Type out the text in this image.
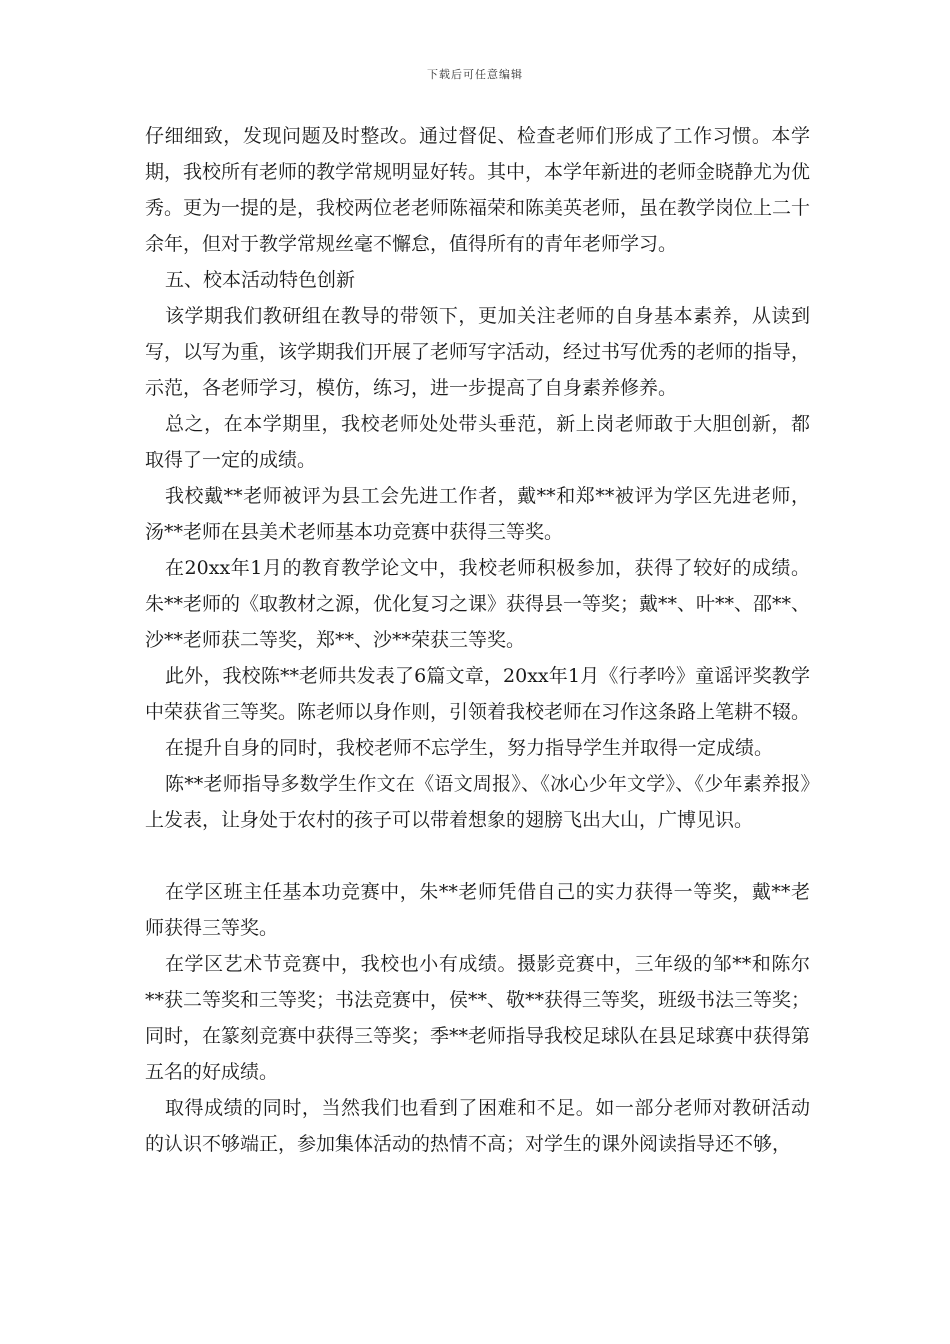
下载后可任意编辑

仔细细致，发现问题及时整改。通过督促、检查老师们形成了工作习惯。本学期，我校所有老师的教学常规明显好转。其中，本学年新进的老师金晓静尤为优秀。更为一提的是，我校两位老老师陈福荣和陈美英老师，虽在教学岗位上二十余年，但对于教学常规丝毫不懈怠，值得所有的青年老师学习。

五、校本活动特色创新

该学期我们教研组在教导的带领下，更加关注老师的自身基本素养，从读到写，以写为重，该学期我们开展了老师写字活动，经过书写优秀的老师的指导，示范，各老师学习，模仿，练习，进一步提高了自身素养修养。

总之，在本学期里，我校老师处处带头垂范，新上岗老师敢于大胆创新，都取得了一定的成绩。

我校戴**老师被评为县工会先进工作者，戴**和郑**被评为学区先进老师，汤**老师在县美术老师基本功竞赛中获得三等奖。

在20xx年1月的教育教学论文中，我校老师积极参加，获得了较好的成绩。朱**老师的《取教材之源，优化复习之课》获得县一等奖；戴**、叶**、邵**、沙**老师获二等奖，郑**、沙**荣获三等奖。

此外，我校陈**老师共发表了6篇文章，20xx年1月《行孝吟》童谣评奖教学中荣获省三等奖。陈老师以身作则，引领着我校老师在习作这条路上笔耕不辍。

在提升自身的同时，我校老师不忘学生，努力指导学生并取得一定成绩。

陈**老师指导多数学生作文在《语文周报》、《冰心少年文学》、《少年素养报》上发表，让身处于农村的孩子可以带着想象的翅膀飞出大山，广博见识。

在学区班主任基本功竞赛中，朱**老师凭借自己的实力获得一等奖，戴**老师获得三等奖。

在学区艺术节竞赛中，我校也小有成绩。摄影竞赛中，三年级的邹**和陈尔**获二等奖和三等奖；书法竞赛中，侯**、敬**获得三等奖，班级书法三等奖；同时，在篆刻竞赛中获得三等奖；季**老师指导我校足球队在县足球赛中获得第五名的好成绩。

取得成绩的同时，当然我们也看到了困难和不足。如一部分老师对教研活动的认识不够端正，参加集体活动的热情不高；对学生的课外阅读指导还不够，
